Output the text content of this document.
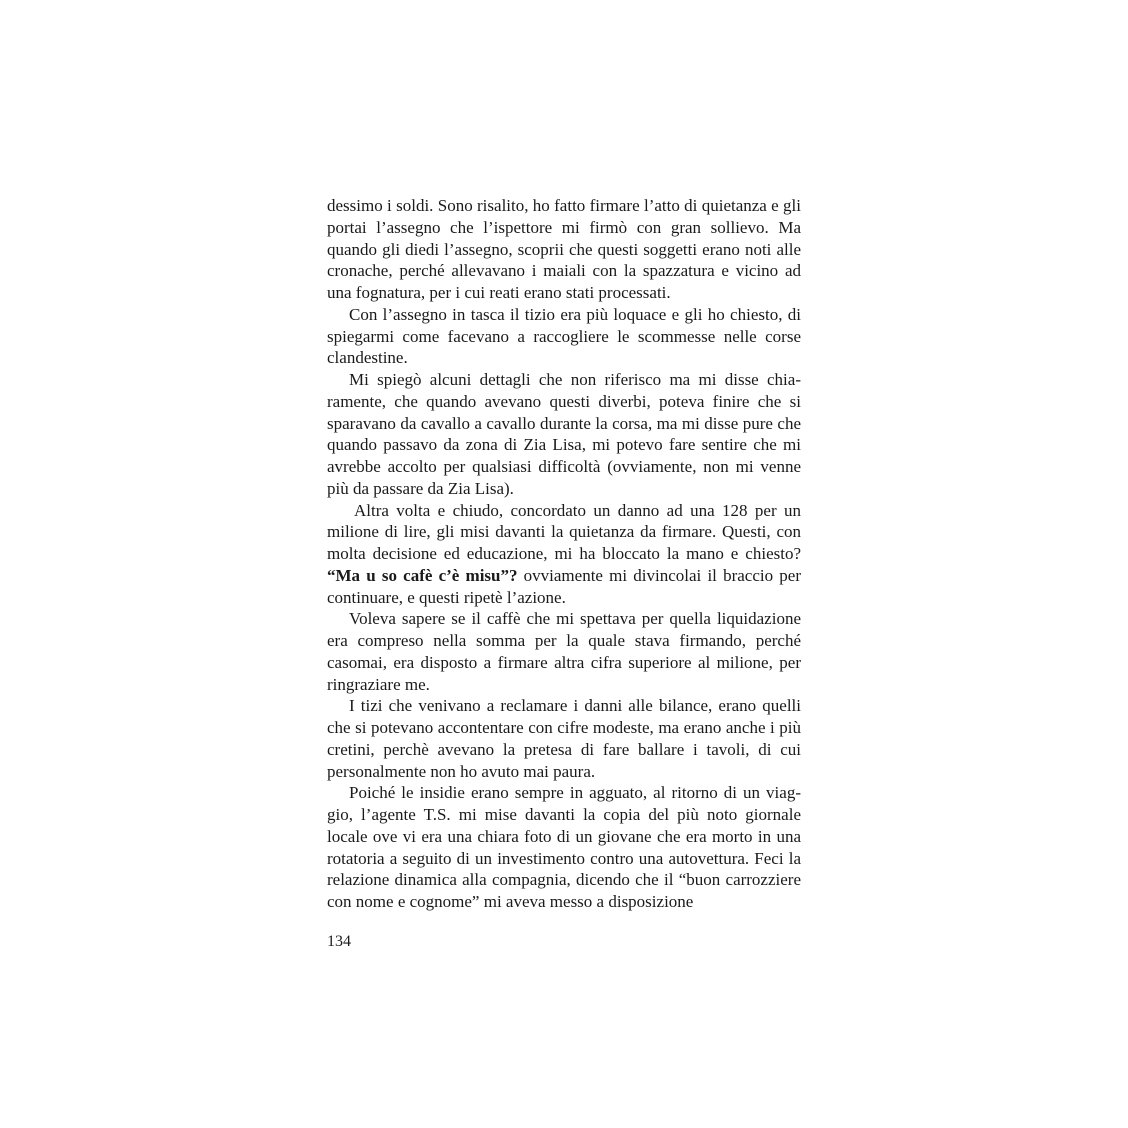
dessimo i soldi. Sono risalito, ho fatto firmare l’atto di quietanza e gli portai l’assegno che l’ispettore mi firmò con gran sollievo. Ma quando gli diedi l’assegno, scoprii che questi soggetti erano noti alle cronache, perché allevavano i maiali con la spazzatura e vicino ad una fognatura, per i cui reati erano stati processati.

Con l’assegno in tasca il tizio era più loquace e gli ho chiesto, di spiegarmi come facevano a raccogliere le scommesse nelle corse clandestine.

Mi spiegò alcuni dettagli che non riferisco ma mi disse chiaramente, che quando avevano questi diverbi, poteva finire che si sparavano da cavallo a cavallo durante la corsa, ma mi disse pure che quando passavo da zona di Zia Lisa, mi potevo fare sentire che mi avrebbe accolto per qualsiasi difficoltà (ovviamente, non mi venne più da passare da Zia Lisa).

Altra volta e chiudo, concordato un danno ad una 128 per un milione di lire, gli misi davanti la quietanza da firmare. Questi, con molta decisione ed educazione, mi ha bloccato la mano e chiesto? “Ma u so cafè c’è misu”? ovviamente mi divincolai il braccio per continuare, e questi ripetè l’azione.

Voleva sapere se il caffè che mi spettava per quella liquidazione era compreso nella somma per la quale stava firmando, perché casomai, era disposto a firmare altra cifra superiore al milione, per ringraziare me.

I tizi che venivano a reclamare i danni alle bilance, erano quelli che si potevano accontentare con cifre modeste, ma erano anche i più cretini, perchè avevano la pretesa di fare ballare i tavoli, di cui personalmente non ho avuto mai paura.

Poiché le insidie erano sempre in agguato, al ritorno di un viaggio, l’agente T.S. mi mise davanti la copia del più noto giornale locale ove vi era una chiara foto di un giovane che era morto in una rotatoria a seguito di un investimento contro una autovettura. Feci la relazione dinamica alla compagnia, dicendo che il “buon carrozziere con nome e cognome” mi aveva messo a disposizione

134
